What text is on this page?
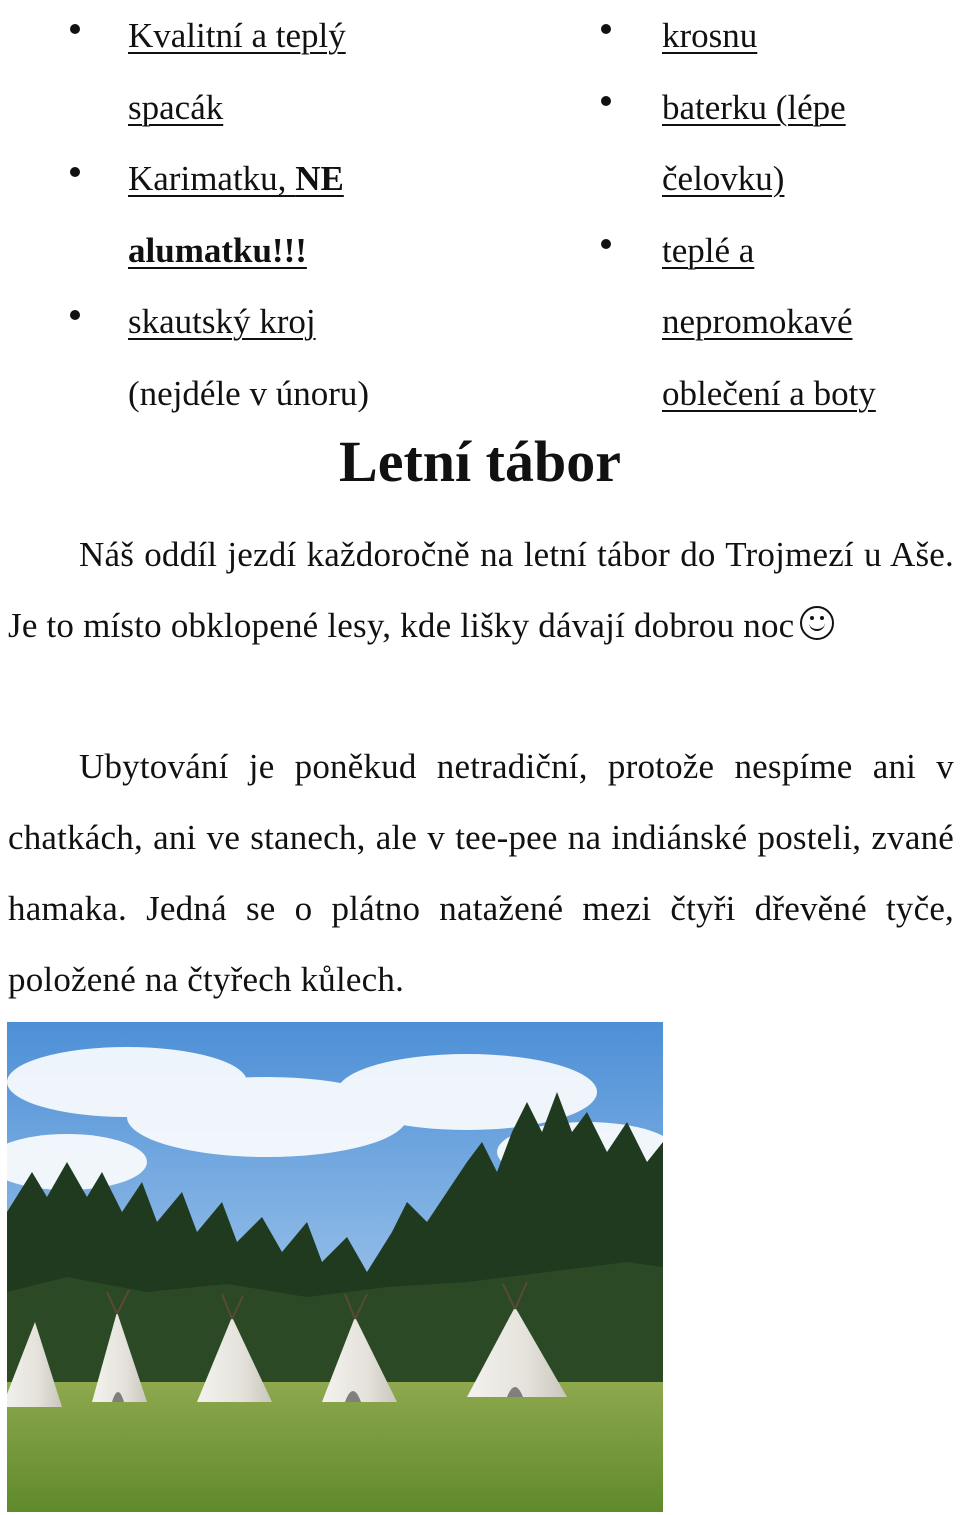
Kvalitní a teplý
spacák
Karimatku, NE
alumatku!!!
skautský kroj
(nejdéle v únoru)
krosnu
baterku (lépe
čelovku)
teplé a
nepromokavé
oblečení a boty
Letní tábor

Náš oddíl jezdí každoročně na letní tábor do Trojmezí u Aše. Je to místo obklopené lesy, kde lišky dávají dobrou noc

Ubytování je poněkud netradiční, protože nespíme ani v chatkách, ani ve stanech, ale v tee-pee na indiánské posteli, zvané hamaka. Jedná se o plátno natažené mezi čtyři dřevěné tyče, položené na čtyřech kůlech.
